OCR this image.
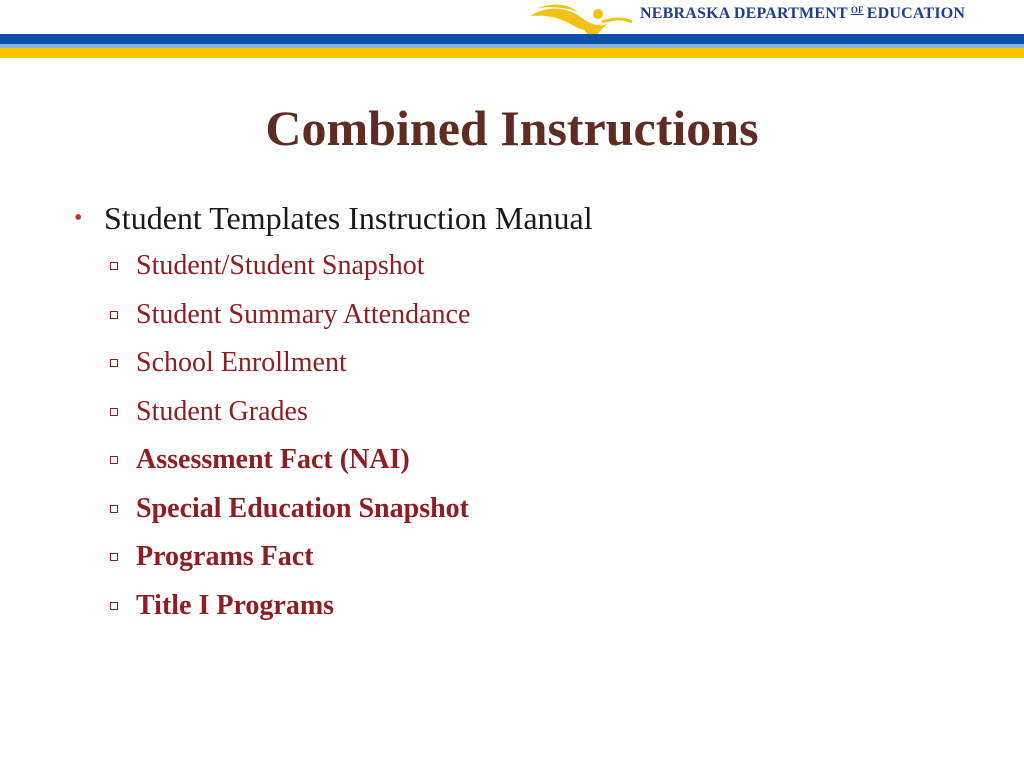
NEBRASKA DEPARTMENT $^{OF}$ EDUCATION
Combined Instructions
• Student Templates Instruction Manual
Student/Student Snapshot
Student Summary Attendance
School Enrollment
Student Grades
Assessment Fact (NAI)
Special Education Snapshot
Programs Fact
Title I Programs
